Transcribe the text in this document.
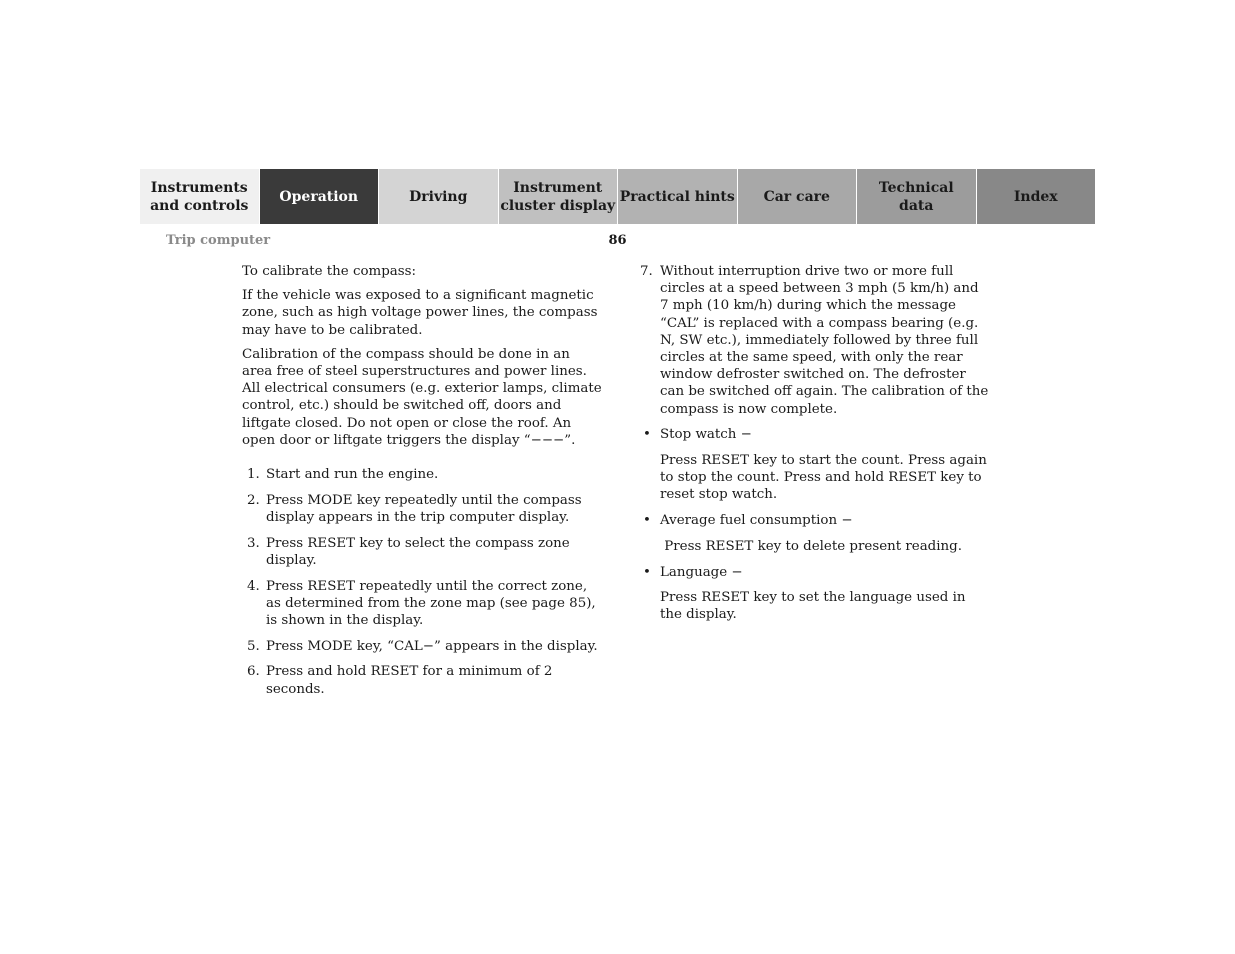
Instruments
and controls
Operation	Driving
Instrument
cluster display
Practical hints Car care
Technical
data
Index
Trip computer	86

To calibrate the compass:

If the vehicle was exposed to a significant magnetic zone, such as high voltage power lines, the compass may have to be calibrated.

Calibration of the compass should be done in an area free of steel superstructures and power lines. All electrical consumers (e.g. exterior lamps, climate control, etc.) should be switched off, doors and liftgate closed. Do not open or close the roof. An open door or liftgate triggers the display “−−−”.

1. Start and run the engine.
2. Press MODE key repeatedly until the compass display appears in the trip computer display.
3. Press RESET key to select the compass zone display.
4. Press RESET repeatedly until the correct zone, as determined from the zone map (see page 85), is shown in the display.
5. Press MODE key, “CAL−” appears in the display.
6. Press and hold RESET for a minimum of 2 seconds.
7. Without interruption drive two or more full circles at a speed between 3 mph (5 km/h) and 7 mph (10 km/h) during which the message “CAL” is replaced with a compass bearing (e.g. N, SW etc.), immediately followed by three full circles at the same speed, with only the rear window defroster switched on. The defroster can be switched off again. The calibration of the compass is now complete.
• Stop watch −
Press RESET key to start the count. Press again to stop the count. Press and hold RESET key to reset stop watch.
• Average fuel consumption −
Press RESET key to delete present reading.
• Language −
Press RESET key to set the language used in the display.
